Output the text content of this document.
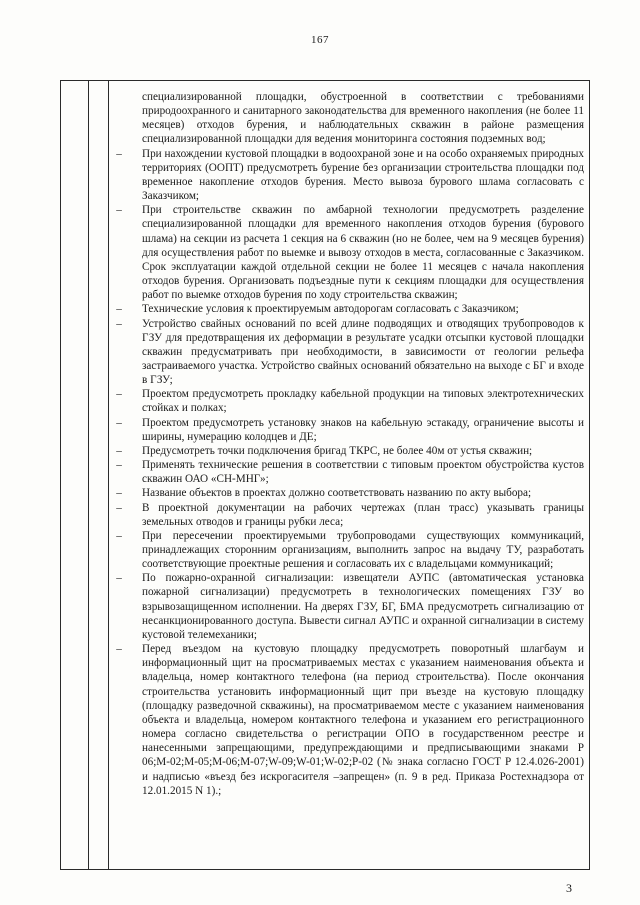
167

специализированной площадки, обустроенной в соответствии с требованиями природоохранного и санитарного законодательства для временного накопления (не более 11 месяцев) отходов бурения, и наблюдательных скважин в районе размещения специализированной площадки для ведения мониторинга состояния подземных вод;

–	При нахождении кустовой площадки в водоохраной зоне и на особо охраняемых природных территориях (ООПТ) предусмотреть бурение без организации строительства площадки под временное накопление отходов бурения. Место вывоза бурового шлама согласовать с Заказчиком;

–	При строительстве скважин по амбарной технологии предусмотреть разделение специализированной площадки для временного накопления отходов бурения (бурового шлама) на секции из расчета 1 секция на 6 скважин (но не более, чем на 9 месяцев бурения) для осуществления работ по выемке и вывозу отходов в места, согласованные с Заказчиком. Срок эксплуатации каждой отдельной секции не более 11 месяцев с начала накопления отходов бурения. Организовать подъездные пути к секциям площадки для осуществления работ по выемке отходов бурения по ходу строительства скважин;

–	Технические условия к проектируемым автодорогам согласовать с Заказчиком;

–	Устройство свайных оснований по всей длине подводящих и отводящих трубопроводов к ГЗУ для предотвращения их деформации в результате усадки отсыпки кустовой площадки скважин предусматривать при необходимости, в зависимости от геологии рельефа застраиваемого участка. Устройство свайных оснований обязательно на выходе с БГ и входе в ГЗУ;

–	Проектом предусмотреть прокладку кабельной продукции на типовых электротехнических стойках и полках;

–	Проектом предусмотреть установку знаков на кабельную эстакаду, ограничение высоты и ширины, нумерацию колодцев и ДЕ;

–	Предусмотреть точки подключения бригад ТКРС, не более 40м от устья скважин;

–	Применять технические решения в соответствии с типовым проектом обустройства кустов скважин ОАО «СН-МНГ»;

–	Название объектов в проектах должно соответствовать названию по акту выбора;

–	В проектной документации на рабочих чертежах (план трасс) указывать границы земельных отводов и границы рубки леса;

–	При пересечении проектируемыми трубопроводами существующих коммуникаций, принадлежащих сторонним организациям, выполнить запрос на выдачу ТУ, разработать соответствующие проектные решения и согласовать их с владельцами коммуникаций;

–	По пожарно-охранной сигнализации: извещатели АУПС (автоматическая установка пожарной сигнализации) предусмотреть в технологических помещениях ГЗУ во взрывозащищенном исполнении. На дверях ГЗУ, БГ, БМА предусмотреть сигнализацию от несанкционированного доступа. Вывести сигнал АУПС и охранной сигнализации в систему кустовой телемеханики;

–	Перед въездом на кустовую площадку предусмотреть поворотный шлагбаум и информационный щит на просматриваемых местах с указанием наименования объекта и владельца, номер контактного телефона (на период строительства). После окончания строительства установить информационный щит при въезде на кустовую площадку (площадку разведочной скважины), на просматриваемом месте с указанием наименования объекта и владельца, номером контактного телефона и указанием его регистрационного номера согласно свидетельства о регистрации ОПО в государственном реестре и нанесенными запрещающими, предупреждающими и предписывающими знаками Р 06;М-02;М-05;М-06;М-07;W-09;W-01;W-02;Р-02 (№ знака согласно ГОСТ Р 12.4.026-2001) и надписью «въезд без искрогасителя –запрещен» (п. 9 в ред. Приказа Ростехнадзора от 12.01.2015 N 1).;

3
